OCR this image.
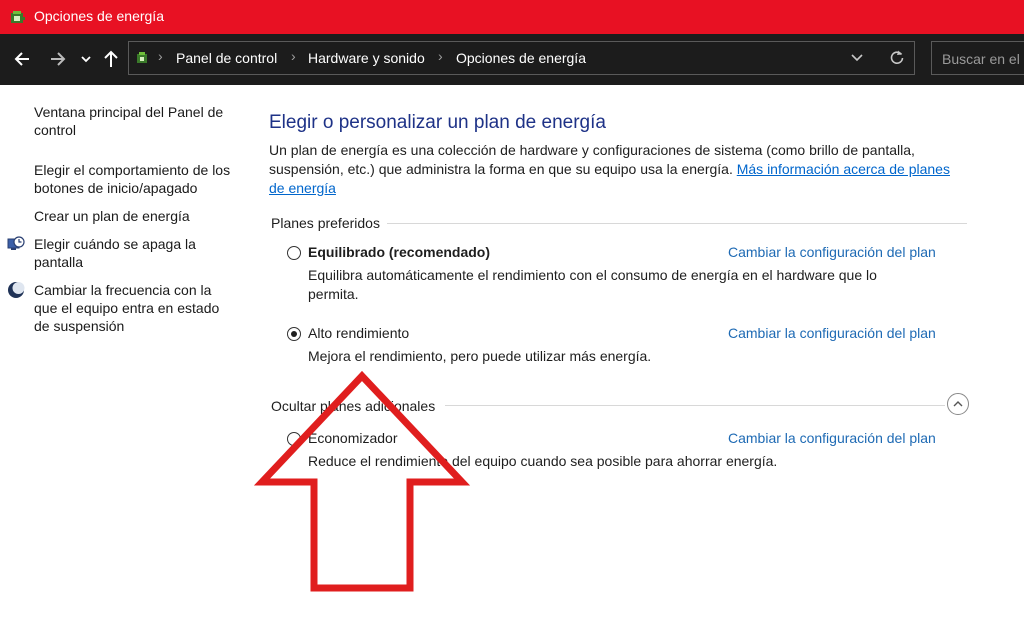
Opciones de energía
› Panel de control › Hardware y sonido › Opciones de energía
Buscar en el Panel de control
Ventana principal del Panel de control
Elegir el comportamiento de los botones de inicio/apagado
Crear un plan de energía
Elegir cuándo se apaga la pantalla
Cambiar la frecuencia con la que el equipo entra en estado de suspensión
Elegir o personalizar un plan de energía
Un plan de energía es una colección de hardware y configuraciones de sistema (como brillo de pantalla, suspensión, etc.) que administra la forma en que su equipo usa la energía. Más información acerca de planes de energía
Planes preferidos
Equilibrado (recomendado)	Cambiar la configuración del plan
Equilibra automáticamente el rendimiento con el consumo de energía en el hardware que lo permita.
Alto rendimiento	Cambiar la configuración del plan
Mejora el rendimiento, pero puede utilizar más energía.
Ocultar planes adicionales
Economizador	Cambiar la configuración del plan
Reduce el rendimiento del equipo cuando sea posible para ahorrar energía.
